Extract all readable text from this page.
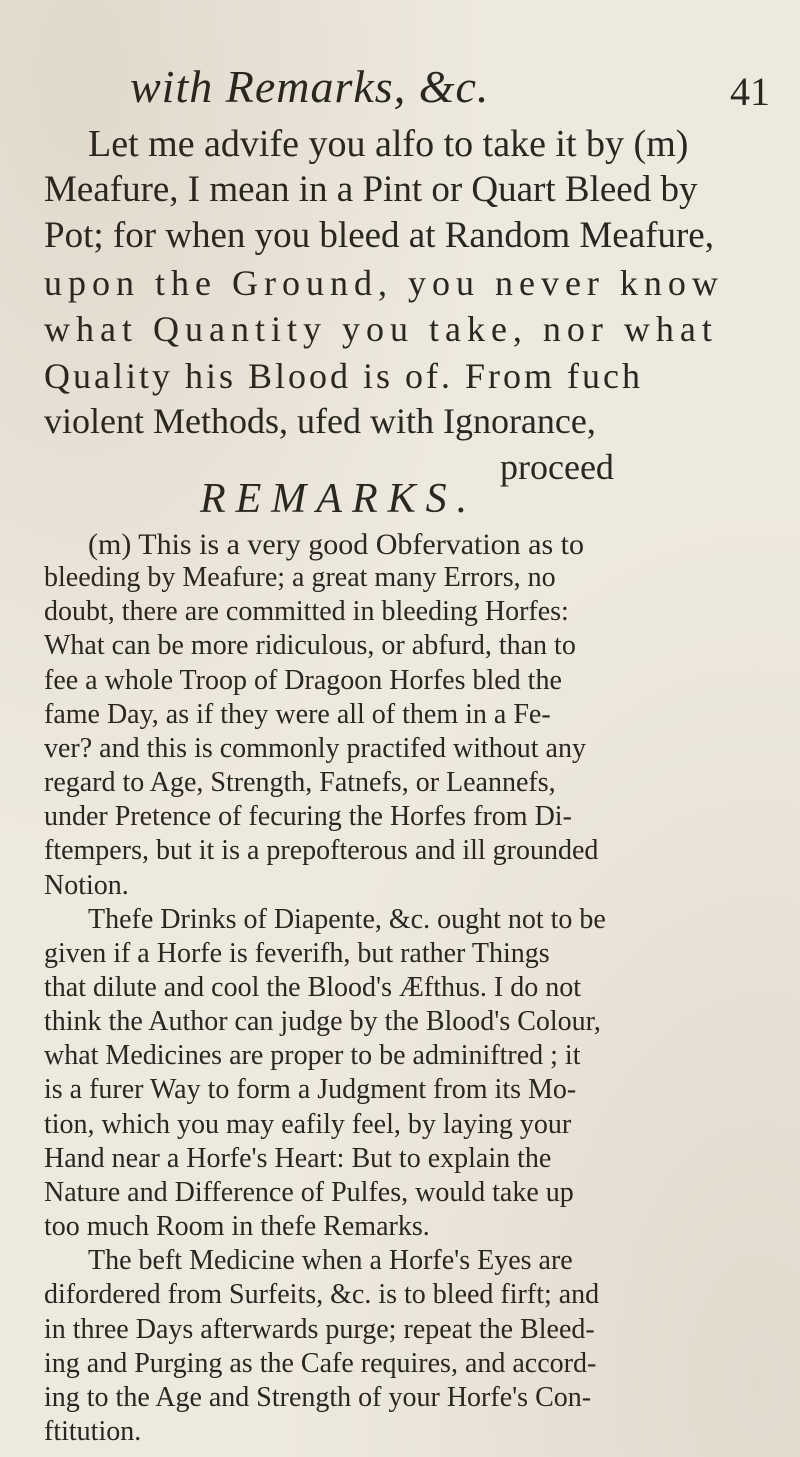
with Remarks, &c.	41
Let me advife you alfo to take it by (m)
Meafure, I mean in a Pint or Quart Bleed by
Pot; for when you bleed at Random Meafure,
upon the Ground, you never know
what Quantity you take, nor what
Quality his Blood is of. From fuch
violent Methods, ufed with Ignorance,
proceed
REMARKS.
(m) This is a very good Obfervation as to
bleeding by Meafure; a great many Errors, no
doubt, there are committed in bleeding Horfes:
What can be more ridiculous, or abfurd, than to
fee a whole Troop of Dragoon Horfes bled the
fame Day, as if they were all of them in a Fe-
ver? and this is commonly practifed without any
regard to Age, Strength, Fatnefs, or Leannefs,
under Pretence of fecuring the Horfes from Di-
ftempers, but it is a prepofterous and ill grounded
Notion.
Thefe Drinks of Diapente, &c. ought not to be
given if a Horfe is feverifh, but rather Things
that dilute and cool the Blood's Æfthus. I do not
think the Author can judge by the Blood's Colour,
what Medicines are proper to be adminiftred ; it
is a furer Way to form a Judgment from its Mo-
tion, which you may eafily feel, by laying your
Hand near a Horfe's Heart: But to explain the
Nature and Difference of Pulfes, would take up
too much Room in thefe Remarks.
The beft Medicine when a Horfe's Eyes are
difordered from Surfeits, &c. is to bleed firft; and
in three Days afterwards purge; repeat the Bleed-
ing and Purging as the Cafe requires, and accord-
ing to the Age and Strength of your Horfe's Con-
ftitution.
